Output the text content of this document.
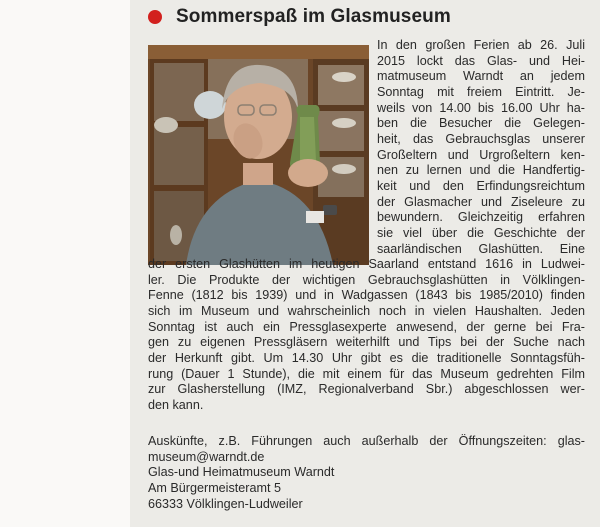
Sommerspaß im Glasmuseum
In den großen Ferien ab 26. Juli
2015 lockt das Glas- und Hei-
matmuseum Warndt an jedem
Sonntag mit freiem Eintritt. Je-
weils von 14.00 bis 16.00 Uhr ha-
ben die Besucher die Gelegen-
heit, das Gebrauchsglas unserer
Großeltern und Urgroßeltern ken-
nen zu lernen und die Handfertig-
keit und den Erfindungsreichtum
der Glasmacher und Ziseleure zu
bewundern. Gleichzeitig erfahren
sie viel über die Geschichte der
saarländischen Glashütten. Eine
der ersten Glashütten im heutigen Saarland entstand 1616 in Ludwei-
ler. Die Produkte der wichtigen Gebrauchsglashütten in Völklingen-
Fenne (1812 bis 1939) und in Wadgassen (1843 bis 1985/2010) finden
sich im Museum und wahrscheinlich noch in vielen Haushalten. Jeden
Sonntag ist auch ein Pressglasexperte anwesend, der gerne bei Fra-
gen zu eigenen Pressgläsern weiterhilft und Tips bei der Suche nach
der Herkunft gibt. Um 14.30 Uhr gibt es die traditionelle Sonntagsfüh-
rung (Dauer 1 Stunde), die mit einem für das Museum gedrehten Film
zur Glasherstellung (IMZ, Regionalverband Sbr.) abgeschlossen wer-
den kann.
Auskünfte, z.B. Führungen auch außerhalb der Öffnungszeiten: glas-
museum@warndt.de
Glas-und Heimatmuseum Warndt
Am Bürgermeisteramt 5
66333 Völklingen-Ludweiler
